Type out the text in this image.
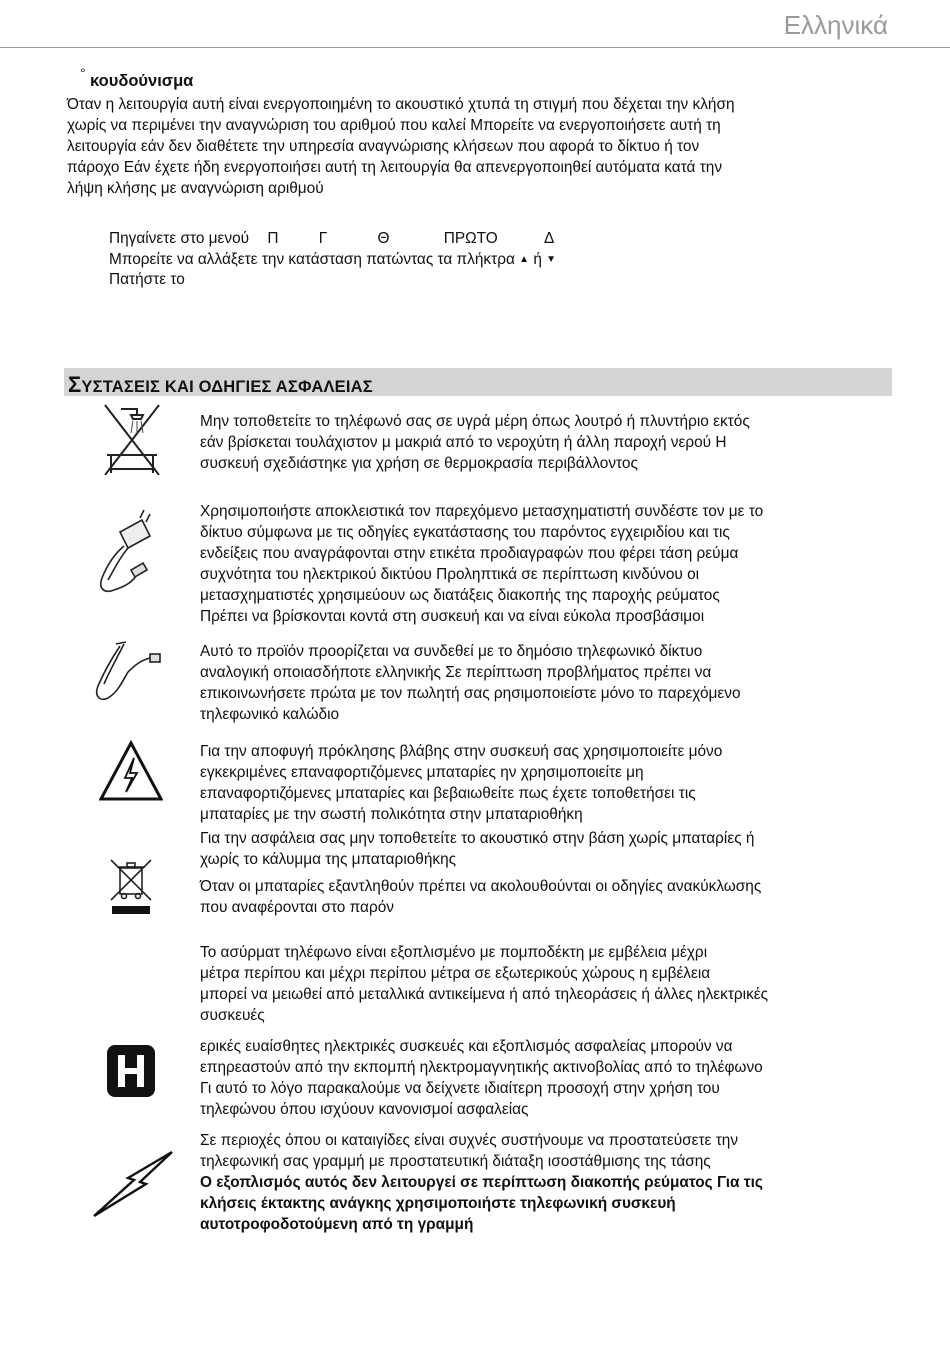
Ελληνικά
° κουδούνισμα
Όταν η λειτουργία αυτή είναι ενεργοποιημένη το ακουστικό χτυπά τη στιγμή που δέχεται την κλήση
χωρίς να περιμένει την αναγνώριση του αριθμού που καλεί Μπορείτε να ενεργοποιήσετε αυτή τη
λειτουργία εάν δεν διαθέτετε την υπηρεσία αναγνώρισης κλήσεων που αφορά το δίκτυο ή τον
πάροχο Εάν έχετε ήδη ενεργοποιήσει αυτή τη λειτουργία θα απενεργοποιηθεί αυτόματα κατά την
λήψη κλήσης με αναγνώριση αριθμού
Πηγαίνετε στο μενού Π	Γ	Θ	ΠΡΩΤΟ	Δ
Μπορείτε να αλλάξετε την κατάσταση πατώντας τα πλήκτρα ▲ ή ▼
Πατήστε το
ΣΥΣΤΑΣΕΙΣ ΚΑΙ ΟΔΗΓΙΕΣ ΑΣΦΑΛΕΙΑΣ
Μην τοποθετείτε το τηλέφωνό σας σε υγρά μέρη όπως λουτρό ή πλυντήριο εκτός
εάν βρίσκεται τουλάχιστον μ μακριά από το νεροχύτη ή άλλη παροχή νερού Η
συσκευή σχεδιάστηκε για χρήση σε θερμοκρασία περιβάλλοντος
Χρησιμοποιήστε αποκλειστικά τον παρεχόμενο μετασχηματιστή συνδέστε τον με το
δίκτυο σύμφωνα με τις οδηγίες εγκατάστασης του παρόντος εγχειριδίου και τις
ενδείξεις που αναγράφονται στην ετικέτα προδιαγραφών που φέρει τάση ρεύμα
συχνότητα του ηλεκτρικού δικτύου Προληπτικά σε περίπτωση κινδύνου οι
μετασχηματιστές χρησιμεύουν ως διατάξεις διακοπής της παροχής ρεύματος
Πρέπει να βρίσκονται κοντά στη συσκευή και να είναι εύκολα προσβάσιμοι
Αυτό το προϊόν προορίζεται να συνδεθεί με το δημόσιο τηλεφωνικό δίκτυο
αναλογική οποιασδήποτε ελληνικής Σε περίπτωση προβλήματος πρέπει να
επικοινωνήσετε πρώτα με τον πωλητή σας ρησιμοποιείστε μόνο το παρεχόμενο
τηλεφωνικό καλώδιο
Για την αποφυγή πρόκλησης βλάβης στην συσκευή σας χρησιμοποιείτε μόνο
εγκεκριμένες επαναφορτιζόμενες μπαταρίες ην χρησιμοποιείτε μη
επαναφορτιζόμενες μπαταρίες και βεβαιωθείτε πως έχετε τοποθετήσει τις
μπαταρίες με την σωστή πολικότητα στην μπαταριοθήκη
Για την ασφάλεια σας μην τοποθετείτε το ακουστικό στην βάση χωρίς μπαταρίες ή
χωρίς το κάλυμμα της μπαταριοθήκης
Όταν οι μπαταρίες εξαντληθούν πρέπει να ακολουθούνται οι οδηγίες ανακύκλωσης
που αναφέρονται στο παρόν
Το ασύρματ τηλέφωνο είναι εξοπλισμένο με πομποδέκτη με εμβέλεια μέχρι
μέτρα περίπου και μέχρι περίπου μέτρα σε εξωτερικούς χώρους η εμβέλεια
μπορεί να μειωθεί από μεταλλικά αντικείμενα ή από τηλεοράσεις ή άλλες ηλεκτρικές
συσκευές
ερικές ευαίσθητες ηλεκτρικές συσκευές και εξοπλισμός ασφαλείας μπορούν να
επηρεαστούν από την εκπομπή ηλεκτρομαγνητικής ακτινοβολίας από το τηλέφωνο
Γι αυτό το λόγο παρακαλούμε να δείχνετε ιδιαίτερη προσοχή στην χρήση του
τηλεφώνου όπου ισχύουν κανονισμοί ασφαλείας
Σε περιοχές όπου οι καταιγίδες είναι συχνές συστήνουμε να προστατεύσετε την
τηλεφωνική σας γραμμή με προστατευτική διάταξη ισοστάθμισης της τάσης
Ο εξοπλισμός αυτός δεν λειτουργεί σε περίπτωση διακοπής ρεύματος Για τις
κλήσεις έκτακτης ανάγκης χρησιμοποιήστε τηλεφωνική συσκευή
αυτοτροφοδοτούμενη από τη γραμμή
